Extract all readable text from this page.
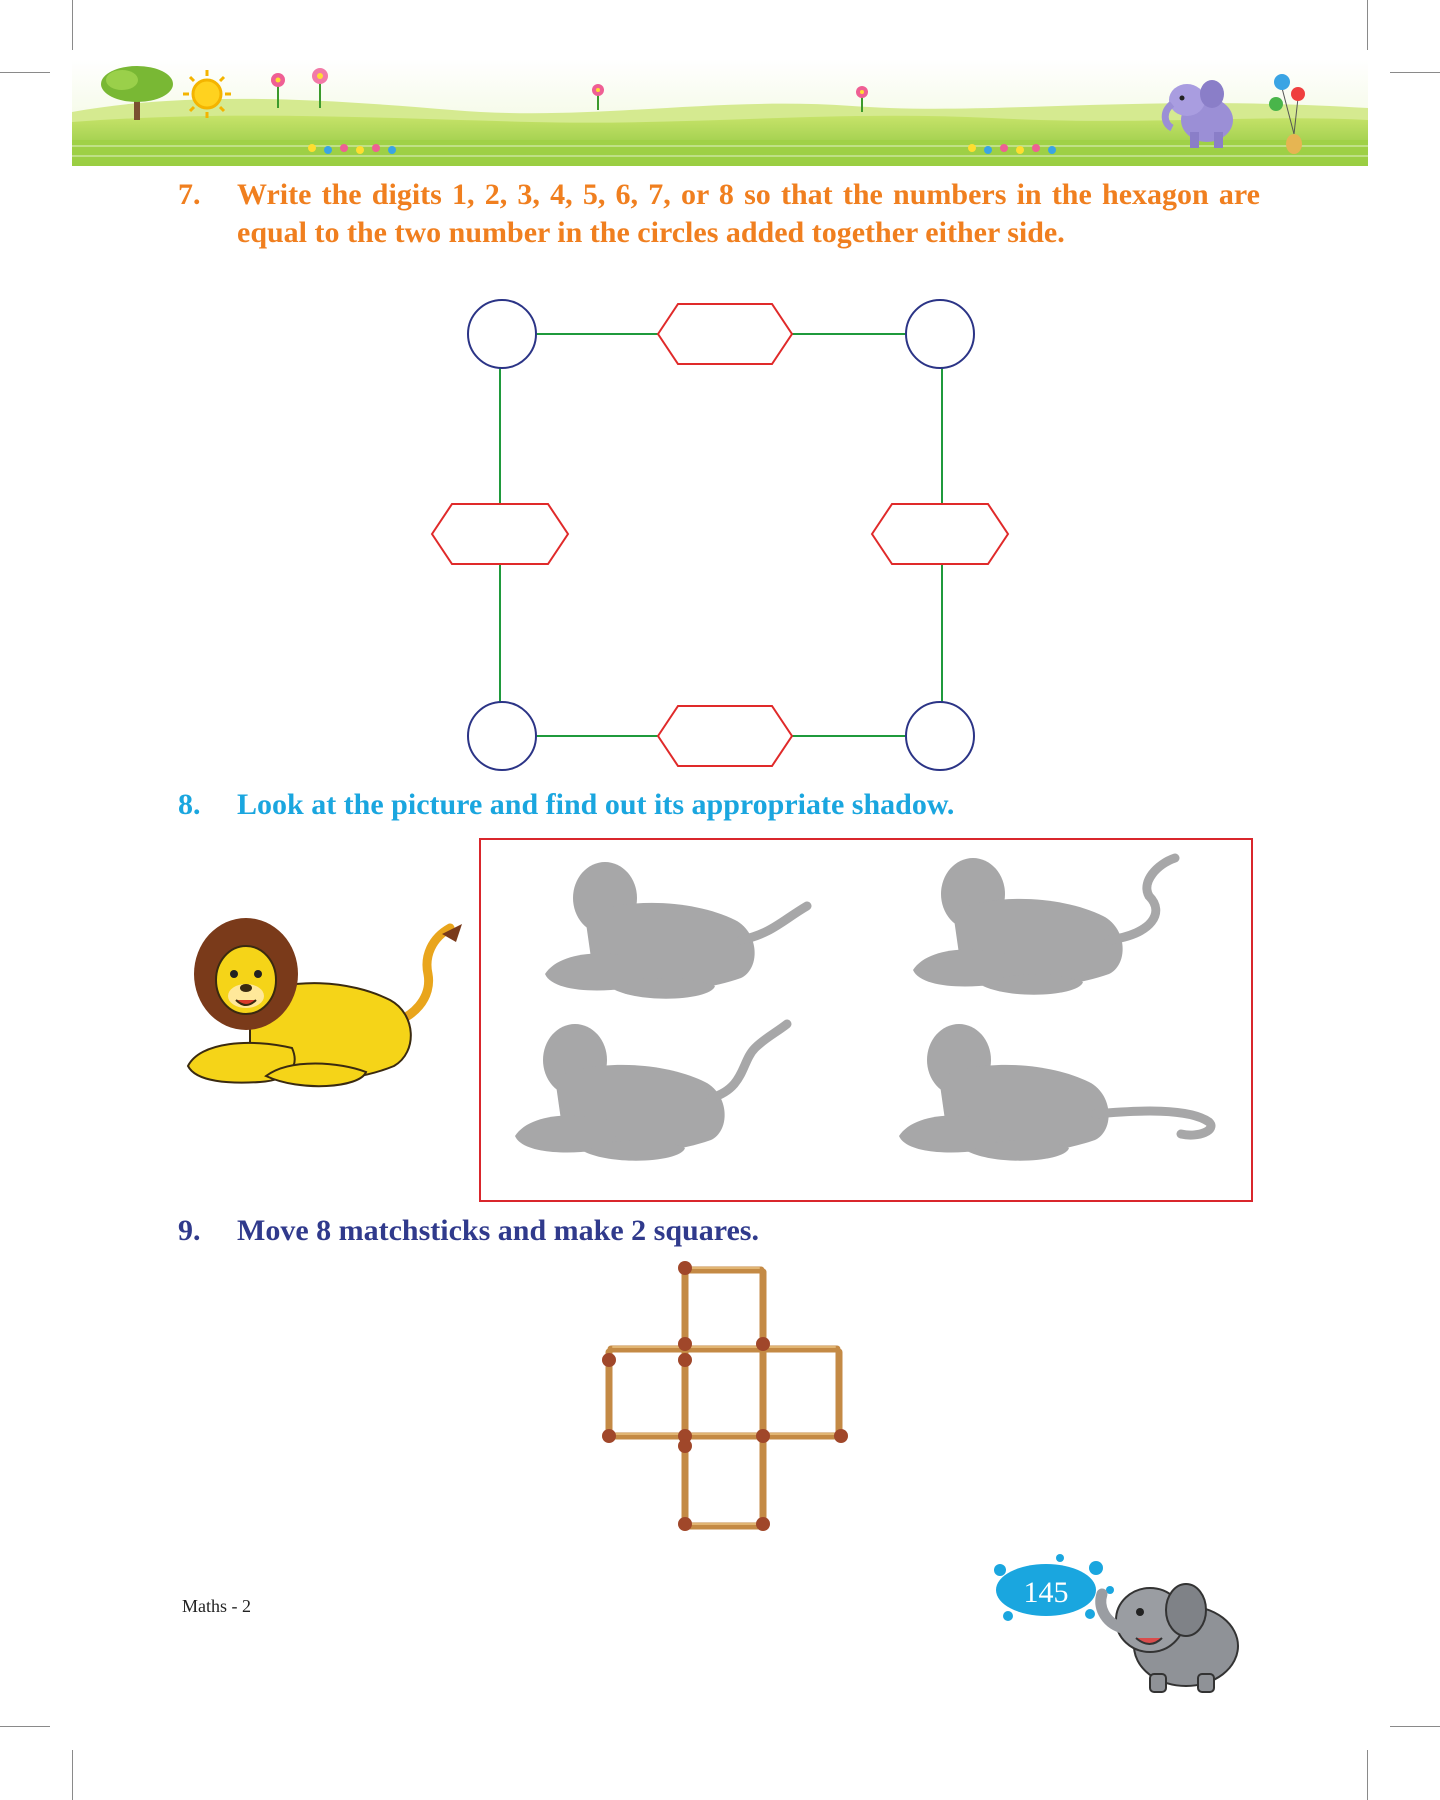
7. Write the digits 1, 2, 3, 4, 5, 6, 7, or 8 so that the numbers in the hexagon are equal to the two number in the circles added together either side.
8. Look at the picture and find out its appropriate shadow.
9. Move 8 matchsticks and make 2 squares.
Maths - 2	145
